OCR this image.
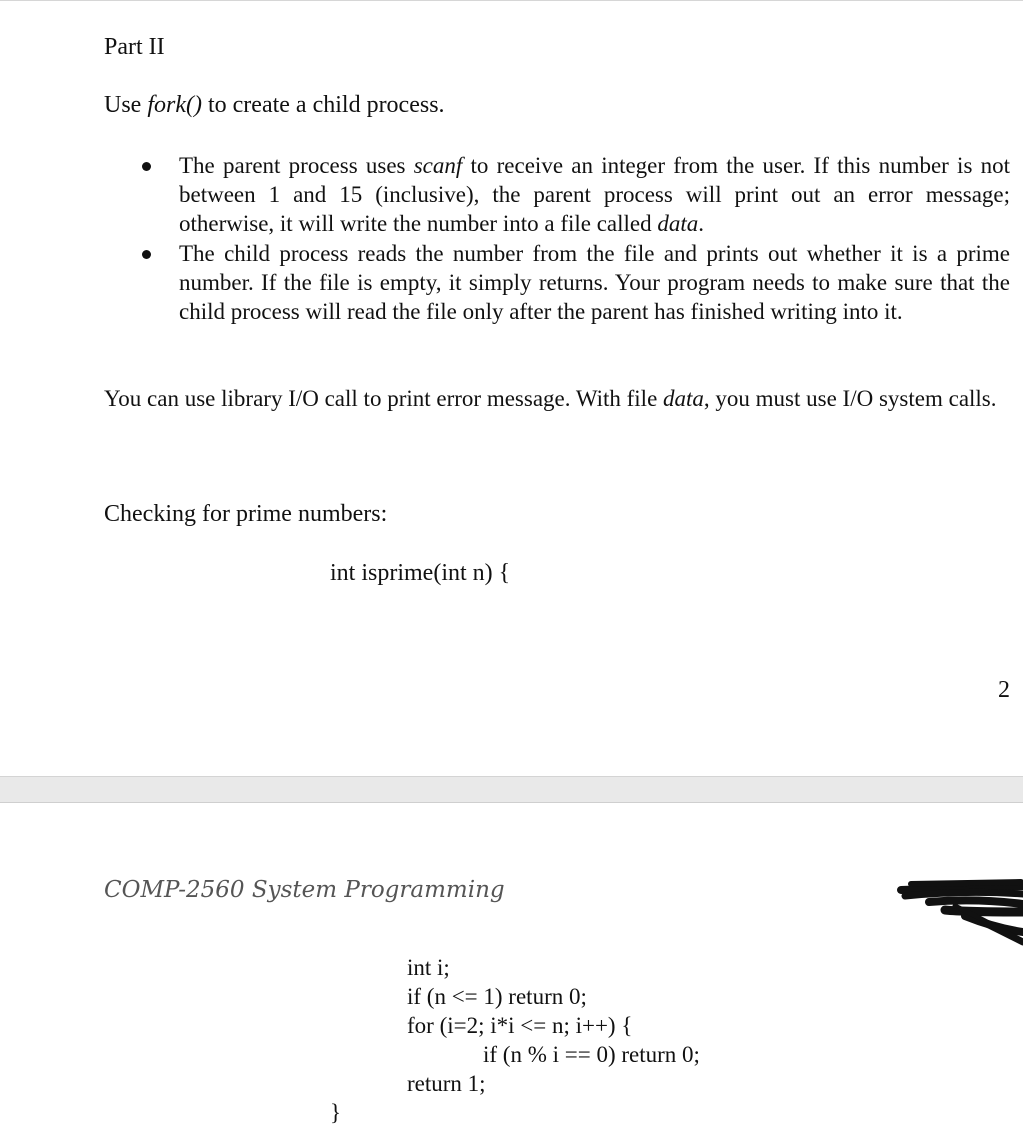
Part II
Use fork() to create a child process.
The parent process uses scanf to receive an integer from the user. If this number is not between 1 and 15 (inclusive), the parent process will print out an error message; otherwise, it will write the number into a file called data.
The child process reads the number from the file and prints out whether it is a prime number. If the file is empty, it simply returns. Your program needs to make sure that the child process will read the file only after the parent has finished writing into it.
You can use library I/O call to print error message. With file data, you must use I/O system calls.
Checking for prime numbers:
int isprime(int n) {
2
COMP-2560 System Programming
int i;
if (n <= 1) return 0;
for (i=2; i*i <= n; i++) {
if (n % i == 0) return 0;
return 1;
}
